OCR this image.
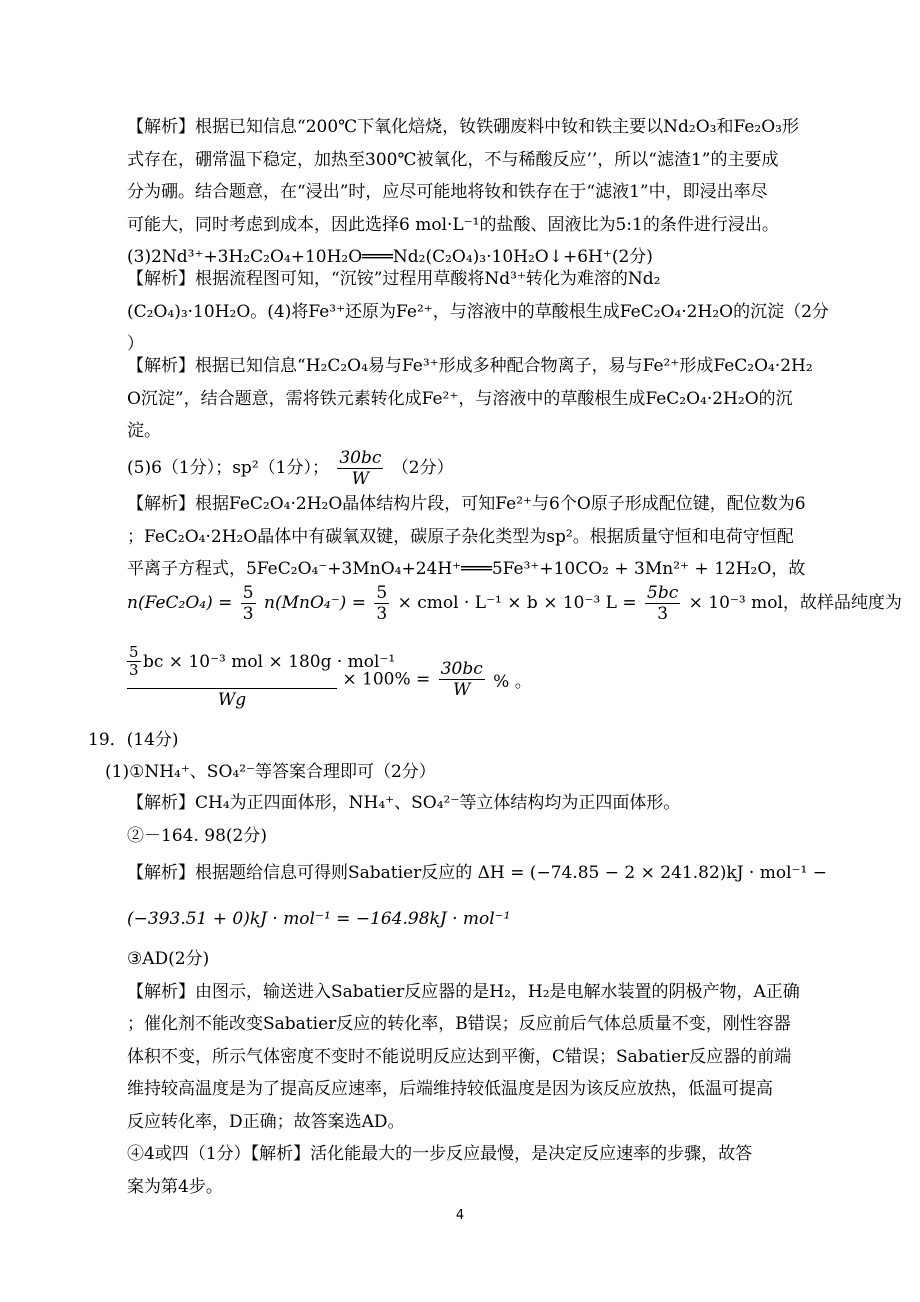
【解析】根据已知信息“200℃下氧化焙烧，钕铁硼废料中钕和铁主要以Nd₂O₃和Fe₂O₃形
式存在，硼常温下稳定，加热至300℃被氧化，不与稀酸反应’’，所以“滤渣1”的主要成
分为硼。结合题意，在“浸出”时，应尽可能地将钕和铁存在于“滤液1”中，即浸出率尽
可能大，同时考虑到成本，因此选择6 mol·L⁻¹的盐酸、固液比为5:1的条件进行浸出。
(3)2Nd³⁺+3H₂C₂O₄+10H₂O═══Nd₂(C₂O₄)₃·10H₂O↓+6H⁺(2分)
【解析】根据流程图可知，“沉铵”过程用草酸将Nd³⁺转化为难溶的Nd₂
(C₂O₄)₃·10H₂O。(4)将Fe³⁺还原为Fe²⁺，与溶液中的草酸根生成FeC₂O₄·2H₂O的沉淀（2分
）
【解析】根据已知信息“H₂C₂O₄易与Fe³⁺形成多种配合物离子，易与Fe²⁺形成FeC₂O₄·2H₂
O沉淀”，结合题意，需将铁元素转化成Fe²⁺，与溶液中的草酸根生成FeC₂O₄·2H₂O的沉
淀。
(5)6（1分）；sp²（1分）； $\frac{30bc}{W} (2$分）
【解析】根据FeC₂O₄·2H₂O晶体结构片段，可知Fe²⁺与6个O原子形成配位键，配位数为6
；FeC₂O₄·2H₂O晶体中有碳氧双键，碳原子杂化类型为sp²。根据质量守恒和电荷守恒配
平离子方程式，5FeC₂O₄⁻+3MnO₄+24H⁺═══5Fe³⁺+10CO₂ + 3Mn²⁺ + 12H₂O，故
$n(FeC_2O_4) = \frac{5}{3} n(MnO_4^-) = \frac{5}{3}$ × cmol · L⁻¹ × b × 10⁻³ $L = \frac{5bc}{3} \times 10^{-3}$ mol，故样品纯度为
$\frac{5}{3}$ bc × 10⁻³ mol × 180g · mol⁻¹
Wg
× $100\% = \frac{30bc}{W}$ % 。
19．(14分)
(1)①NH₄⁺、SO₄²⁻等答案合理即可（2分）
【解析】CH₄为正四面体形，NH₄⁺、SO₄²⁻等立体结构均为正四面体形。
②－164. 98(2分)
【解析】根据题给信息可得则Sabatier反应的 ΔH = (−74.85 − 2 × 241.82)kJ · mol⁻¹ −
(−393.51 + 0)kJ · mol⁻¹ = −164.98kJ · mol⁻¹
③AD(2分)
【解析】由图示，输送进入Sabatier反应器的是H₂，H₂是电解水装置的阴极产物，A正确
；催化剂不能改变Sabatier反应的转化率，B错误；反应前后气体总质量不变，刚性容器
体积不变，所示气体密度不变时不能说明反应达到平衡，C错误；Sabatier反应器的前端
维持较高温度是为了提高反应速率，后端维持较低温度是因为该反应放热，低温可提高
反应转化率，D正确；故答案选AD。
④4或四（1分）【解析】活化能最大的一步反应最慢，是决定反应速率的步骤，故答
案为第4步。
4
